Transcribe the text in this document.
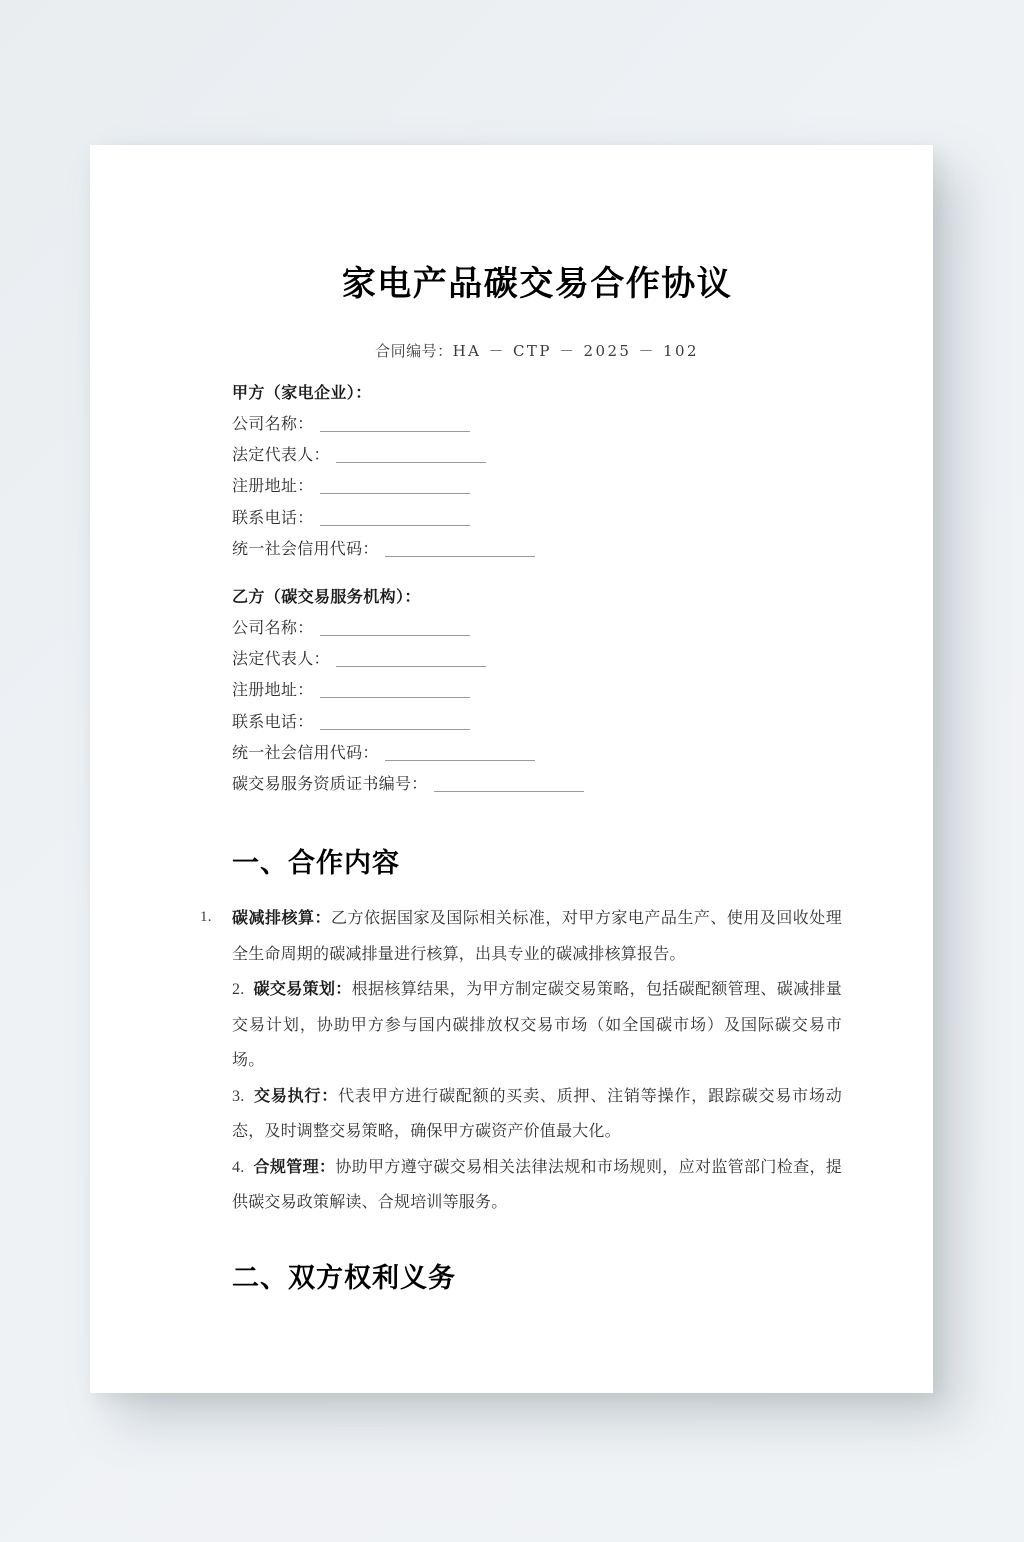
家电产品碳交易合作协议
合同编号：HA － CTP － 2025 － 102
甲方（家电企业）：
公司名称：
法定代表人：
注册地址：
联系电话：
统一社会信用代码：
乙方（碳交易服务机构）：
公司名称：
法定代表人：
注册地址：
联系电话：
统一社会信用代码：
碳交易服务资质证书编号：
一、合作内容
1. 碳减排核算：乙方依据国家及国际相关标准，对甲方家电产品生产、使用及回收处理全生命周期的碳减排量进行核算，出具专业的碳减排核算报告。
2. 碳交易策划：根据核算结果，为甲方制定碳交易策略，包括碳配额管理、碳减排量交易计划，协助甲方参与国内碳排放权交易市场（如全国碳市场）及国际碳交易市场。
3. 交易执行：代表甲方进行碳配额的买卖、质押、注销等操作，跟踪碳交易市场动态，及时调整交易策略，确保甲方碳资产价值最大化。
4. 合规管理：协助甲方遵守碳交易相关法律法规和市场规则，应对监管部门检查，提供碳交易政策解读、合规培训等服务。
二、双方权利义务
